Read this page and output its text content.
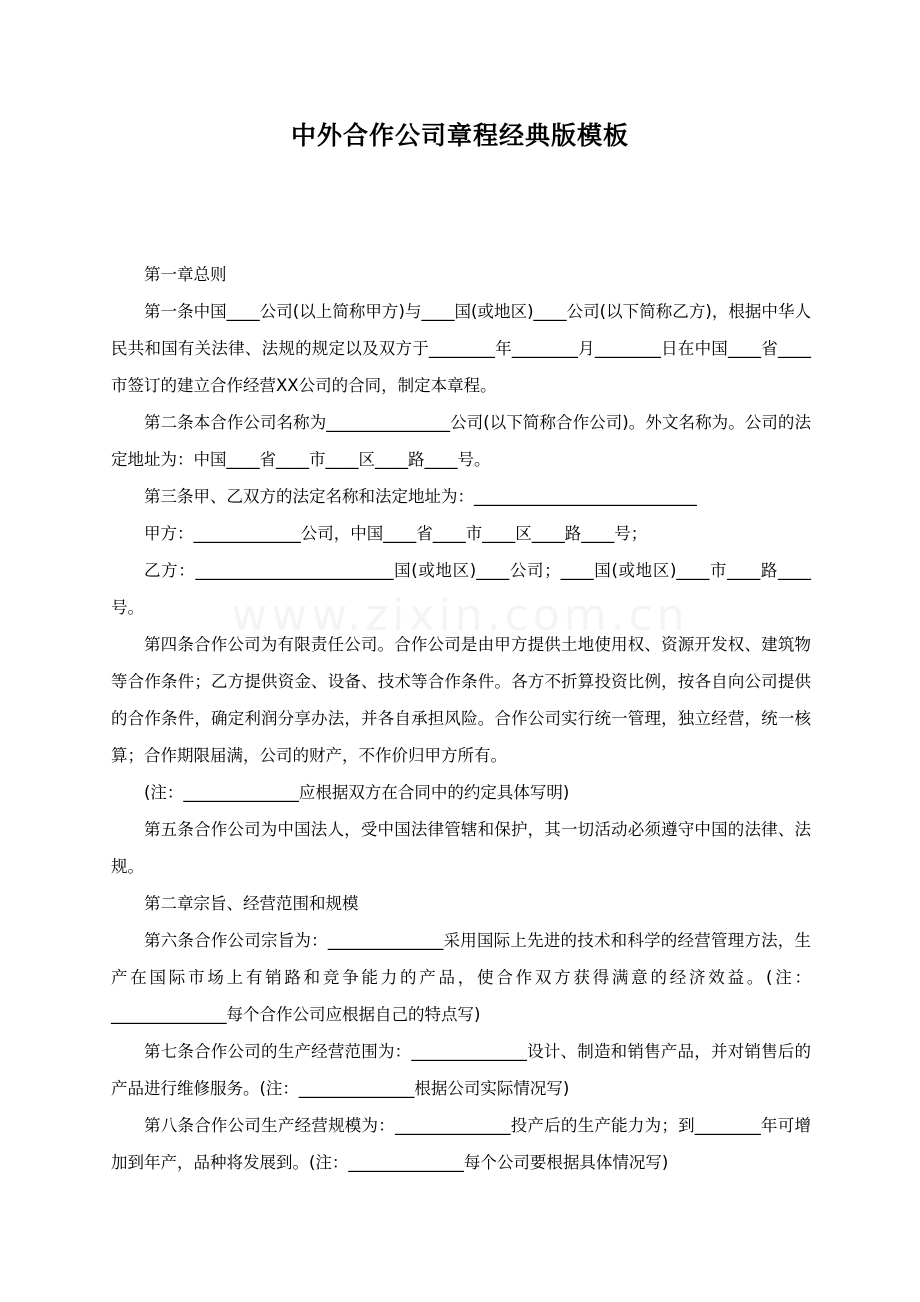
中外合作公司章程经典版模板

第一章总则

第一条中国____公司(以上简称甲方)与____国(或地区)____公司(以下简称乙方)，根据中华人民共和国有关法律、法规的规定以及双方于________年________月________日在中国____省____市签订的建立合作经营XX公司的合同，制定本章程。

第二条本合作公司名称为_______________公司(以下简称合作公司)。外文名称为。公司的法定地址为：中国____省____市____区____路____号。

第三条甲、乙双方的法定名称和法定地址为：___________________________

甲方：_____________公司，中国____省____市____区____路____号；

乙方：________________________国(或地区)____公司；____国(或地区)____市____路____号。

第四条合作公司为有限责任公司。合作公司是由甲方提供土地使用权、资源开发权、建筑物等合作条件；乙方提供资金、设备、技术等合作条件。各方不折算投资比例，按各自向公司提供的合作条件，确定利润分享办法，并各自承担风险。合作公司实行统一管理，独立经营，统一核算；合作期限届满，公司的财产，不作价归甲方所有。

(注：______________应根据双方在合同中的约定具体写明)

第五条合作公司为中国法人，受中国法律管辖和保护，其一切活动必须遵守中国的法律、法规。

第二章宗旨、经营范围和规模

第六条合作公司宗旨为：______________采用国际上先进的技术和科学的经营管理方法，生产在国际市场上有销路和竞争能力的产品，使合作双方获得满意的经济效益。(注：______________每个合作公司应根据自己的特点写)

第七条合作公司的生产经营范围为：______________设计、制造和销售产品，并对销售后的产品进行维修服务。(注：______________根据公司实际情况写)

第八条合作公司生产经营规模为：______________投产后的生产能力为；到________年可增加到年产，品种将发展到。(注：______________每个公司要根据具体情况写)
